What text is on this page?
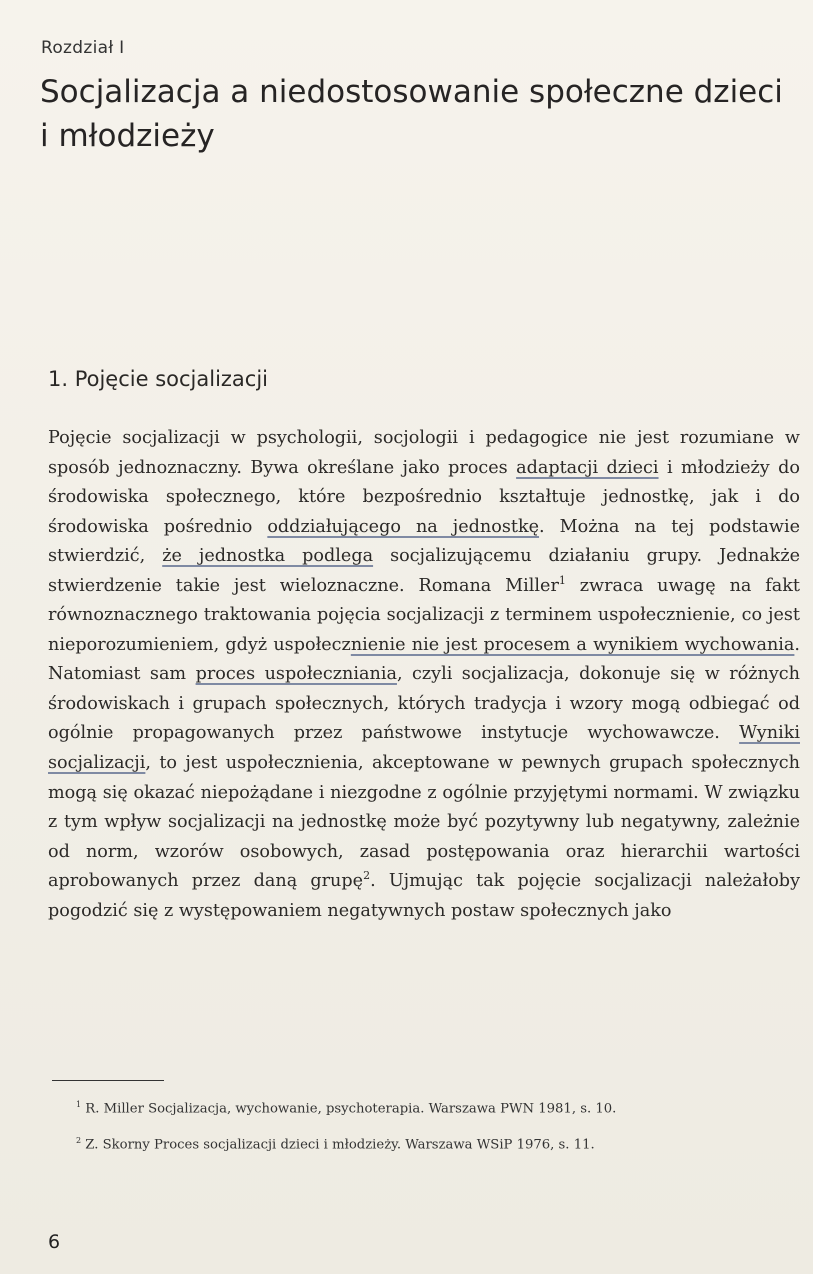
Rozdział I
Socjalizacja a niedostosowanie społeczne dzieci i młodzieży
1. Pojęcie socjalizacji

Pojęcie socjalizacji w psychologii, socjologii i pedagogice nie jest rozumiane w sposób jednoznaczny. Bywa określane jako proces adaptacji dzieci i młodzieży do środowiska społecznego, które bezpośrednio kształtuje jednostkę, jak i do środowiska pośrednio oddziałującego na jednostkę. Można na tej podstawie stwierdzić, że jednostka podlega socjalizującemu działaniu grupy. Jednakże stwierdzenie takie jest wieloznaczne. Romana Miller$^1$ zwraca uwagę na fakt równoznacznego traktowania pojęcia socjalizacji z terminem uspołecznienie, co jest nieporozumieniem, gdyż uspołecznienie nie jest procesem a wynikiem wychowania. Natomiast sam proces uspołeczniania, czyli socjalizacja, dokonuje się w różnych środowiskach i grupach społecznych, których tradycja i wzory mogą odbiegać od ogólnie propagowanych przez państwowe instytucje wychowawcze. Wyniki socjalizacji, to jest uspołecznienia, akceptowane w pewnych grupach społecznych mogą się okazać niepożądane i niezgodne z ogólnie przyjętymi normami. W związku z tym wpływ socjalizacji na jednostkę może być pozytywny lub negatywny, zależnie od norm, wzorów osobowych, zasad postępowania oraz hierarchii wartości aprobowanych przez daną grupę$^2$. Ujmując tak pojęcie socjalizacji należałoby pogodzić się z występowaniem negatywnych postaw społecznych jako

$^1$ R. Miller Socjalizacja, wychowanie, psychoterapia. Warszawa PWN 1981, s. 10.

$^2$ Z. Skorny Proces socjalizacji dzieci i młodzieży. Warszawa WSiP 1976, s. 11.

6
